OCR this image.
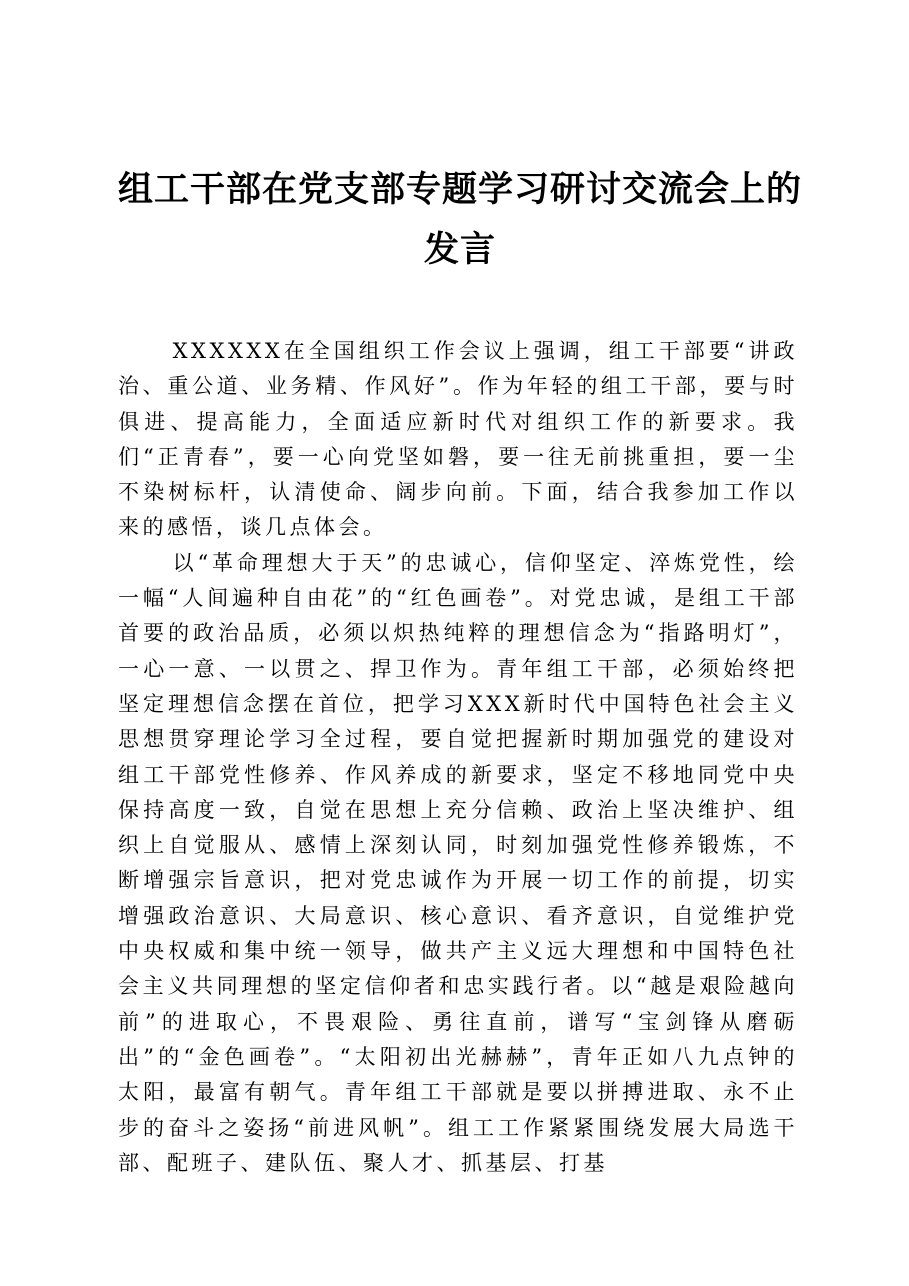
组工干部在党支部专题学习研讨交流会上的发言

XXXXXX在全国组织工作会议上强调，组工干部要“讲政治、重公道、业务精、作风好”。作为年轻的组工干部，要与时俱进、提高能力，全面适应新时代对组织工作的新要求。我们“正青春”，要一心向党坚如磐，要一往无前挑重担，要一尘不染树标杆，认清使命、阔步向前。下面，结合我参加工作以来的感悟，谈几点体会。

以“革命理想大于天”的忠诚心，信仰坚定、淬炼党性，绘一幅“人间遍种自由花”的“红色画卷”。对党忠诚，是组工干部首要的政治品质，必须以炽热纯粹的理想信念为“指路明灯”，一心一意、一以贯之、捍卫作为。青年组工干部，必须始终把坚定理想信念摆在首位，把学习XXX新时代中国特色社会主义思想贯穿理论学习全过程，要自觉把握新时期加强党的建设对组工干部党性修养、作风养成的新要求，坚定不移地同党中央保持高度一致，自觉在思想上充分信赖、政治上坚决维护、组织上自觉服从、感情上深刻认同，时刻加强党性修养锻炼，不断增强宗旨意识，把对党忠诚作为开展一切工作的前提，切实增强政治意识、大局意识、核心意识、看齐意识，自觉维护党中央权威和集中统一领导，做共产主义远大理想和中国特色社会主义共同理想的坚定信仰者和忠实践行者。以“越是艰险越向前”的进取心，不畏艰险、勇往直前，谱写“宝剑锋从磨砺出”的“金色画卷”。“太阳初出光赫赫”，青年正如八九点钟的太阳，最富有朝气。青年组工干部就是要以拼搏进取、永不止步的奋斗之姿扬“前进风帆”。组工工作紧紧围绕发展大局选干部、配班子、建队伍、聚人才、抓基层、打基
